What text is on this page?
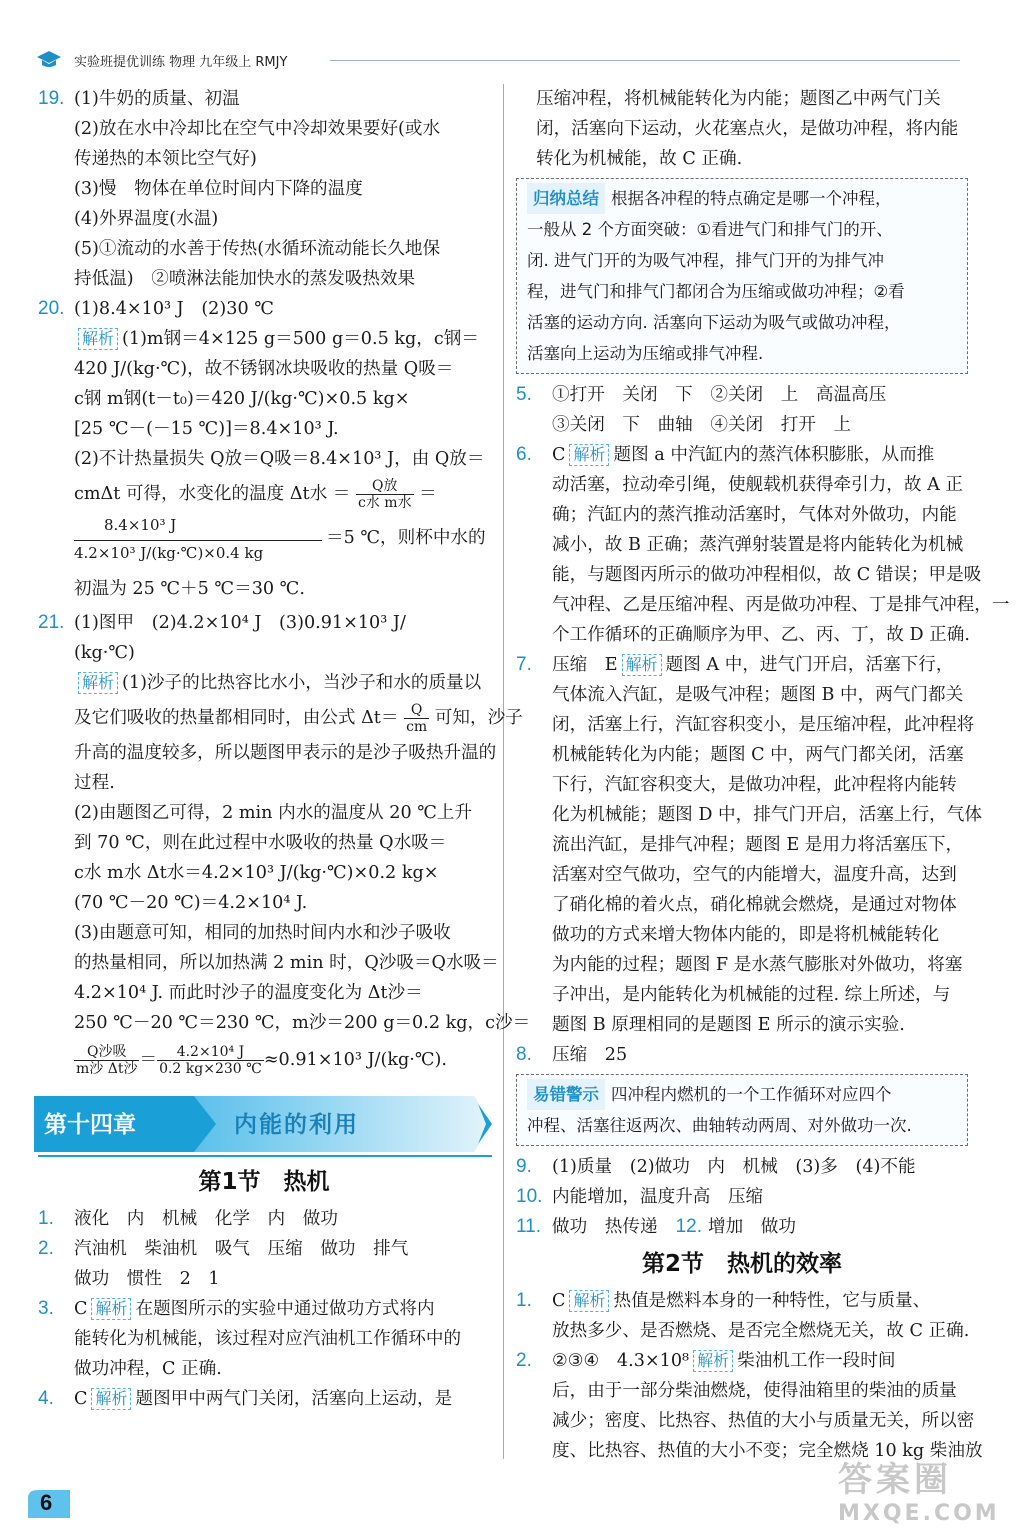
实验班提优训练 物理 九年级上 RMJY
19. (1)牛奶的质量、初温
(2)放在水中冷却比在空气中冷却效果要好(或水
传递热的本领比空气好)
(3)慢　物体在单位时间内下降的温度
(4)外界温度(水温)
(5)①流动的水善于传热(水循环流动能长久地保
持低温)　②喷淋法能加快水的蒸发吸热效果
20. (1)8.4×10³ J　(2)30 ℃
解析 (1)m钢＝4×125 g＝500 g＝0.5 kg，c钢＝
420 J/(kg·℃)，故不锈钢冰块吸收的热量 Q吸＝
c钢 m钢(t－t₀)＝420 J/(kg·℃)×0.5 kg×
[25 ℃－(－15 ℃)]＝8.4×10³ J.
(2)不计热量损失 Q放＝Q吸＝8.4×10³ J，由 Q放＝
cmΔt 可得，水变化的温度 Δt水 ＝ $\frac{\text{Q放}}{\text{c水 m水}}$ ＝
8.4×10³ J
4.2×10³ J/(kg·℃)×0.4 kg
＝5 ℃，则杯中水的
初温为 25 ℃＋5 ℃＝30 ℃.
21. (1)图甲　(2)4.2×10⁴ J　(3)0.91×10³ J/
(kg·℃)
解析 (1)沙子的比热容比水小，当沙子和水的质量以
及它们吸收的热量都相同时，由公式 $\Delta t= \frac{Q}{cm}$ 可知，沙子
升高的温度较多，所以题图甲表示的是沙子吸热升温的
过程.
(2)由题图乙可得，2 min 内水的温度从 20 ℃上升
到 70 ℃，则在此过程中水吸收的热量 Q水吸＝
c水 m水 Δt水＝4.2×10³ J/(kg·℃)×0.2 kg×
(70 ℃－20 ℃)＝4.2×10⁴ J.
(3)由题意可知，相同的加热时间内水和沙子吸收
的热量相同，所以加热满 2 min 时，Q沙吸＝Q水吸＝
4.2×10⁴ J. 而此时沙子的温度变化为 Δt沙＝
250 ℃－20 ℃＝230 ℃，m沙＝200 g＝0.2 kg，c沙＝
$\frac{\text{Q沙吸}}{\text{m沙 Δt沙}} = \frac{\text{4.2×10⁴ J}}{0.2 kg\times 230 ℃} \approx 0.91\times 10^3$ J/(kg·℃).
第十四章	内能的利用
第1节　热机
1. 液化　内　机械　化学　内　做功
2. 汽油机　柴油机　吸气　压缩　做功　排气
做功　惯性　2　1
3. C 解析 在题图所示的实验中通过做功方式将内
能转化为机械能，该过程对应汽油机工作循环中的
做功冲程，C 正确.
4. C 解析 题图甲中两气门关闭，活塞向上运动，是
压缩冲程，将机械能转化为内能；题图乙中两气门关
闭，活塞向下运动，火花塞点火，是做功冲程，将内能
转化为机械能，故 C 正确.
归纳总结 根据各冲程的特点确定是哪一个冲程，
一般从 2 个方面突破：①看进气门和排气门的开、
闭. 进气门开的为吸气冲程，排气门开的为排气冲
程，进气门和排气门都闭合为压缩或做功冲程；②看
活塞的运动方向. 活塞向下运动为吸气或做功冲程，
活塞向上运动为压缩或排气冲程.
5. ①打开　关闭　下　②关闭　上　高温高压
③关闭　下　曲轴　④关闭　打开　上
6. C 解析 题图 a 中汽缸内的蒸汽体积膨胀，从而推
动活塞，拉动牵引绳，使舰载机获得牵引力，故 A 正
确；汽缸内的蒸汽推动活塞时，气体对外做功，内能
减小，故 B 正确；蒸汽弹射装置是将内能转化为机械
能，与题图丙所示的做功冲程相似，故 C 错误；甲是吸
气冲程、乙是压缩冲程、丙是做功冲程、丁是排气冲程，一
个工作循环的正确顺序为甲、乙、丙、丁，故 D 正确.
7. 压缩　E 解析 题图 A 中，进气门开启，活塞下行，
气体流入汽缸，是吸气冲程；题图 B 中，两气门都关
闭，活塞上行，汽缸容积变小，是压缩冲程，此冲程将
机械能转化为内能；题图 C 中，两气门都关闭，活塞
下行，汽缸容积变大，是做功冲程，此冲程将内能转
化为机械能；题图 D 中，排气门开启，活塞上行，气体
流出汽缸，是排气冲程；题图 E 是用力将活塞压下，
活塞对空气做功，空气的内能增大，温度升高，达到
了硝化棉的着火点，硝化棉就会燃烧，是通过对物体
做功的方式来增大物体内能的，即是将机械能转化
为内能的过程；题图 F 是水蒸气膨胀对外做功，将塞
子冲出，是内能转化为机械能的过程. 综上所述，与
题图 B 原理相同的是题图 E 所示的演示实验.
8. 压缩　25
易错警示 四冲程内燃机的一个工作循环对应四个
冲程、活塞往返两次、曲轴转动两周、对外做功一次.
9. (1)质量　(2)做功　内　机械　(3)多　(4)不能
10. 内能增加，温度升高　压缩
11. 做功　热传递 12. 增加　做功
第2节　热机的效率
1. C 解析 热值是燃料本身的一种特性，它与质量、
放热多少、是否燃烧、是否完全燃烧无关，故 C 正确.
2. ②③④　4.3×10⁸ 解析 柴油机工作一段时间
后，由于一部分柴油燃烧，使得油箱里的柴油的质量
减少；密度、比热容、热值的大小与质量无关，所以密
度、比热容、热值的大小不变；完全燃烧 10 kg 柴油放
6
答案圈
MXQE.COM
